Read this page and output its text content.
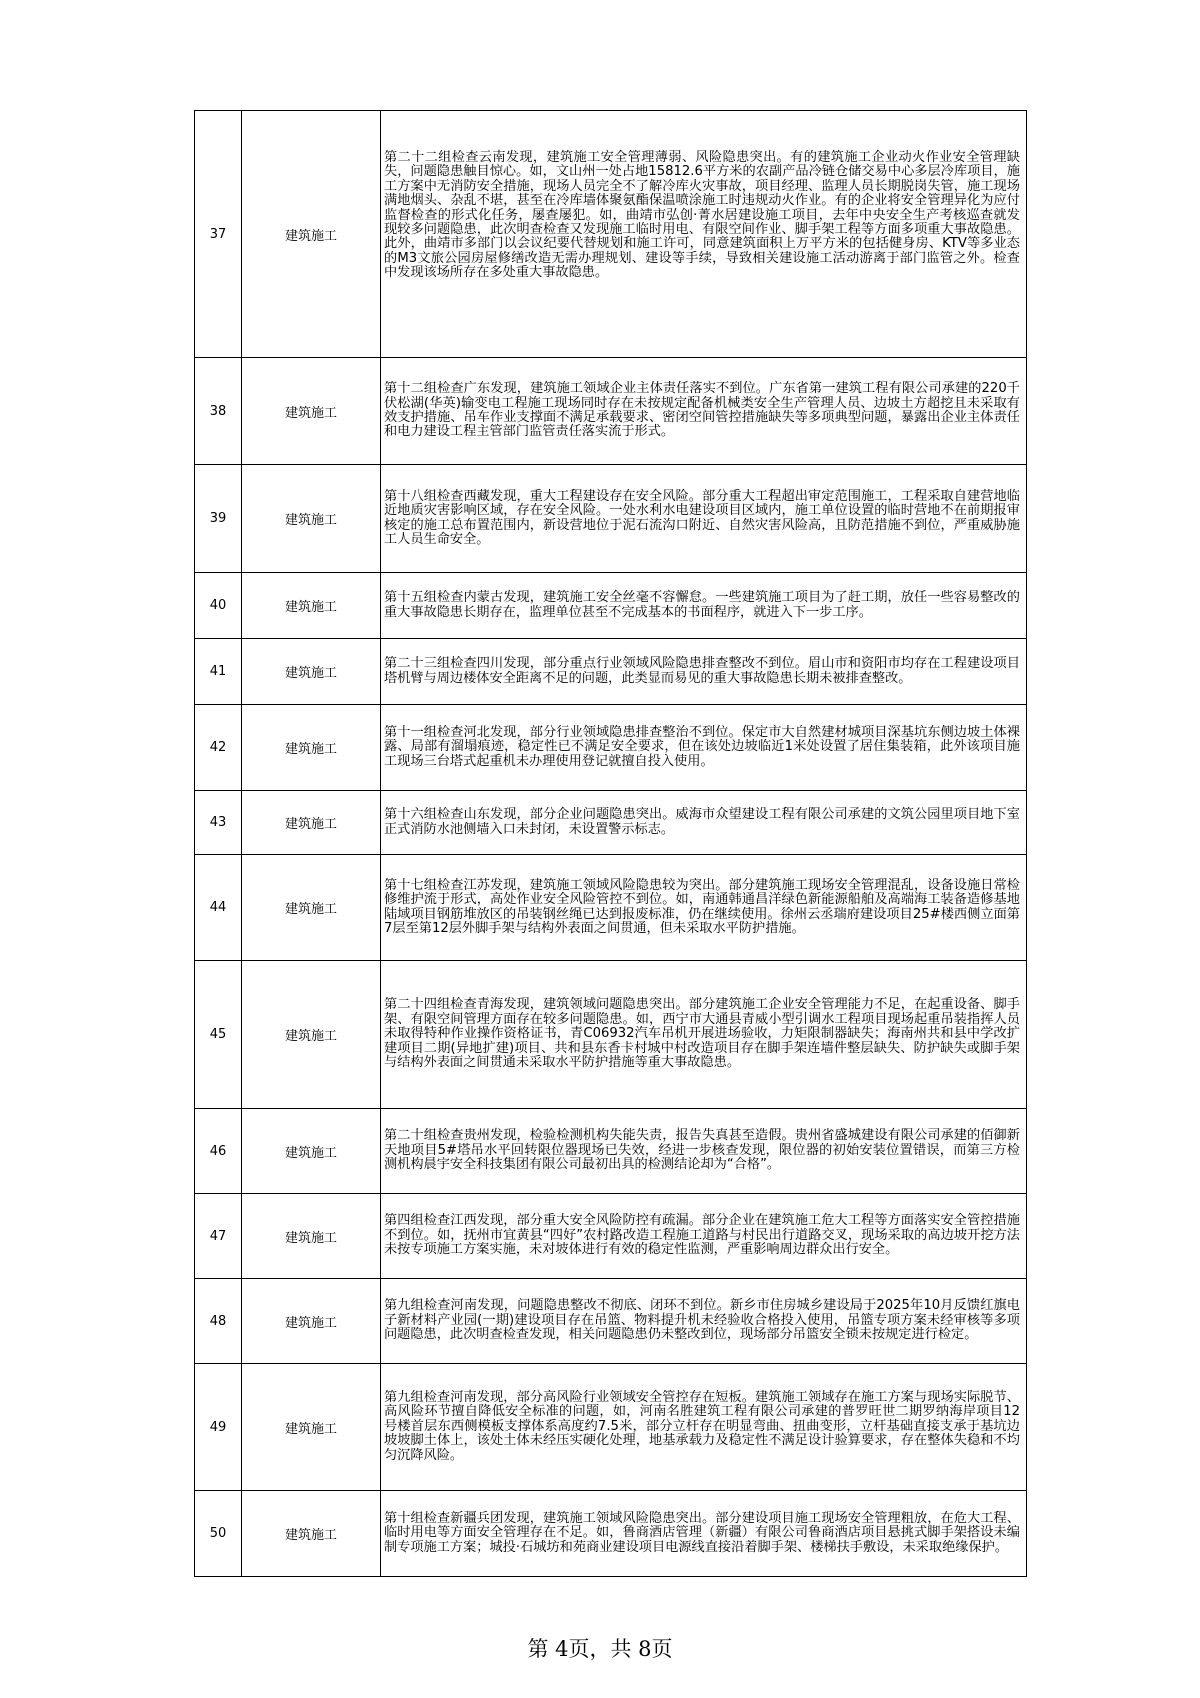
37	建筑施工	第二十二组检查云南发现，建筑施工安全管理薄弱、风险隐患突出。有的建筑施工企业动火作业安全管理缺失，问题隐患触目惊心。如，文山州一处占地15812.6平方米的农副产品冷链仓储交易中心多层冷库项目，施工方案中无消防安全措施，现场人员完全不了解冷库火灾事故，项目经理、监理人员长期脱岗失管，施工现场满地烟头、杂乱不堪，甚至在冷库墙体聚氨酯保温喷涂施工时违规动火作业。有的企业将安全管理异化为应付监督检查的形式化任务，屡查屡犯。如，曲靖市弘创·菁水居建设施工项目，去年中央安全生产考核巡查就发现较多问题隐患，此次明查检查又发现施工临时用电、有限空间作业、脚手架工程等方面多项重大事故隐患。此外，曲靖市多部门以会议纪要代替规划和施工许可，同意建筑面积上万平方米的包括健身房、KTV等多业态的M3文旅公园房屋修缮改造无需办理规划、建设等手续，导致相关建设施工活动游离于部门监管之外。检查中发现该场所存在多处重大事故隐患。
38	建筑施工	第十二组检查广东发现，建筑施工领域企业主体责任落实不到位。广东省第一建筑工程有限公司承建的220千伏松湖(华英)输变电工程施工现场同时存在未按规定配备机械类安全生产管理人员、边坡土方超挖且未采取有效支护措施、吊车作业支撑面不满足承载要求、密闭空间管控措施缺失等多项典型问题，暴露出企业主体责任和电力建设工程主管部门监管责任落实流于形式。
39	建筑施工	第十八组检查西藏发现，重大工程建设存在安全风险。部分重大工程超出审定范围施工，工程采取自建营地临近地质灾害影响区域，存在安全风险。一处水利水电建设项目区域内，施工单位设置的临时营地不在前期报审核定的施工总布置范围内，新设营地位于泥石流沟口附近、自然灾害风险高，且防范措施不到位，严重威胁施工人员生命安全。
40	建筑施工	第十五组检查内蒙古发现，建筑施工安全丝毫不容懈怠。一些建筑施工项目为了赶工期，放任一些容易整改的重大事故隐患长期存在，监理单位甚至不完成基本的书面程序，就进入下一步工序。
41	建筑施工	第二十三组检查四川发现，部分重点行业领域风险隐患排查整改不到位。眉山市和资阳市均存在工程建设项目塔机臂与周边楼体安全距离不足的问题，此类显而易见的重大事故隐患长期未被排查整改。
42	建筑施工	第十一组检查河北发现，部分行业领域隐患排查整治不到位。保定市大自然建材城项目深基坑东侧边坡土体裸露、局部有溜塌痕迹，稳定性已不满足安全要求，但在该处边坡临近1米处设置了居住集装箱，此外该项目施工现场三台塔式起重机未办理使用登记就擅自投入使用。
43	建筑施工	第十六组检查山东发现，部分企业问题隐患突出。威海市众望建设工程有限公司承建的文筑公园里项目地下室正式消防水池侧墙入口未封闭，未设置警示标志。
44	建筑施工	第十七组检查江苏发现，建筑施工领域风险隐患较为突出。部分建筑施工现场安全管理混乱，设备设施日常检修维护流于形式，高处作业安全风险管控不到位。如，南通韩通昌洋绿色新能源船舶及高端海工装备造修基地陆域项目钢筋堆放区的吊装钢丝绳已达到报废标准，仍在继续使用。徐州云丞瑞府建设项目25#楼西侧立面第7层至第12层外脚手架与结构外表面之间贯通，但未采取水平防护措施。
45	建筑施工	第二十四组检查青海发现，建筑领域问题隐患突出。部分建筑施工企业安全管理能力不足，在起重设备、脚手架、有限空间管理方面存在较多问题隐患。如，西宁市大通县青威小型引调水工程项目现场起重吊装指挥人员未取得特种作业操作资格证书，青C06932汽车吊机开展进场验收，力矩限制器缺失；海南州共和县中学改扩建项目二期(异地扩建)项目、共和县东香卡村城中村改造项目存在脚手架连墙件整层缺失、防护缺失或脚手架与结构外表面之间贯通未采取水平防护措施等重大事故隐患。
46	建筑施工	第二十组检查贵州发现，检验检测机构失能失责，报告失真甚至造假。贵州省盛城建设有限公司承建的佰御新天地项目5#塔吊水平回转限位器现场已失效，经进一步核查发现，限位器的初始安装位置错误，而第三方检测机构晨宇安全科技集团有限公司最初出具的检测结论却为“合格”。
47	建筑施工	第四组检查江西发现，部分重大安全风险防控有疏漏。部分企业在建筑施工危大工程等方面落实安全管控措施不到位。如，抚州市宜黄县“四好”农村路改造工程施工道路与村民出行道路交叉，现场采取的高边坡开挖方法未按专项施工方案实施，未对坡体进行有效的稳定性监测，严重影响周边群众出行安全。
48	建筑施工	第九组检查河南发现，问题隐患整改不彻底、闭环不到位。新乡市住房城乡建设局于2025年10月反馈红旗电子新材料产业园(一期)建设项目存在吊篮、物料提升机未经验收合格投入使用，吊篮专项方案未经审核等多项问题隐患，此次明查检查发现，相关问题隐患仍未整改到位，现场部分吊篮安全锁未按规定进行检定。
49	建筑施工	第九组检查河南发现，部分高风险行业领域安全管控存在短板。建筑施工领域存在施工方案与现场实际脱节、高风险环节擅自降低安全标准的问题，如，河南名胜建筑工程有限公司承建的普罗旺世二期罗纳海岸项目12号楼首层东西侧模板支撑体系高度约7.5米，部分立杆存在明显弯曲、扭曲变形，立杆基础直接支承于基坑边坡坡脚土体上，该处土体未经压实硬化处理，地基承载力及稳定性不满足设计验算要求，存在整体失稳和不均匀沉降风险。
50	建筑施工	第十组检查新疆兵团发现，建筑施工领域风险隐患突出。部分建设项目施工现场安全管理粗放，在危大工程、临时用电等方面安全管理存在不足。如，鲁商酒店管理（新疆）有限公司鲁商酒店项目悬挑式脚手架搭设未编制专项施工方案；城投·石城坊和苑商业建设项目电源线直接沿着脚手架、楼梯扶手敷设，未采取绝缘保护。
第 4页，共 8页
